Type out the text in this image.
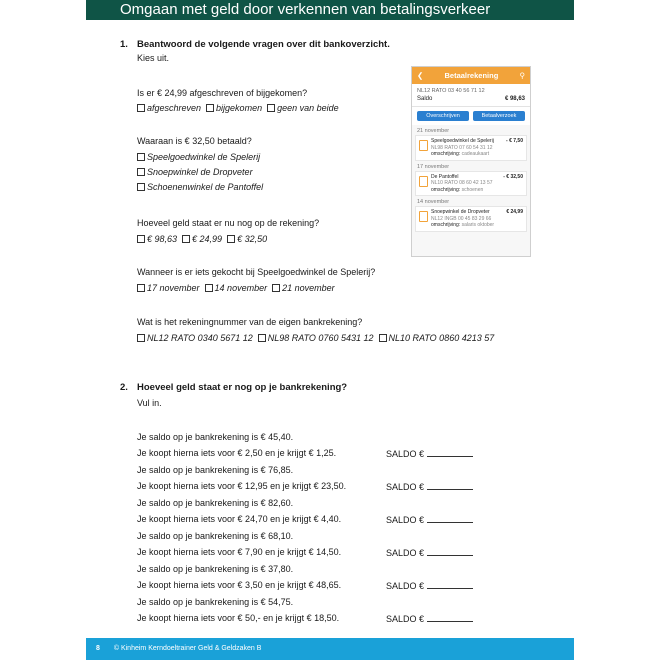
Omgaan met geld door verkennen van betalingsverkeer
1. Beantwoord de volgende vragen over dit bankoverzicht.
Kies uit.
Is er € 24,99 afgeschreven of bijgekomen?
afgeschreven bijgekomen geen van beide
Waaraan is € 32,50 betaald?
Speelgoedwinkel de Spelerij
Snoepwinkel de Dropveter
Schoenenwinkel de Pantoffel
Hoeveel geld staat er nu nog op de rekening?
€ 98,63 € 24,99 € 32,50
Wanneer is er iets gekocht bij Speelgoedwinkel de Spelerij?
17 november 14 november 21 november
Wat is het rekeningnummer van de eigen bankrekening?
NL12 RATO 0340 5671 12 NL98 RATO 0760 5431 12 NL10 RATO 0860 4213 57
❮	Betaalrekening	⚲
NL12 RATO 03 40 56 71 12
Saldo	€ 98,63
Overschrijven	Betaalverzoek
21 november
Speelgoedwinkel de Spelerij - € 7,50
NL98 RATO 07 60 54 31 12
omschrijving: cadeaukaart
17 november
De Pantoffel	- € 32,50
NL10 RATO 08 60 42 13 57
omschrijving: schoenen
14 november
Snoepwinkel de Dropveter	€ 24,99
NL12 INGB 00 45 83 29 66
omschrijving: salaris oktober
2. Hoeveel geld staat er nog op je bankrekening?
Vul in.
Je saldo op je bankrekening is € 45,40.
Je koopt hierna iets voor € 2,50 en je krijgt € 1,25.	SALDO €
Je saldo op je bankrekening is € 76,85.
Je koopt hierna iets voor € 12,95 en je krijgt € 23,50.	SALDO €
Je saldo op je bankrekening is € 82,60.
Je koopt hierna iets voor € 24,70 en je krijgt € 4,40.	SALDO €
Je saldo op je bankrekening is € 68,10.
Je koopt hierna iets voor € 7,90 en je krijgt € 14,50.	SALDO €
Je saldo op je bankrekening is € 37,80.
Je koopt hierna iets voor € 3,50 en je krijgt € 48,65.	SALDO €
Je saldo op je bankrekening is € 54,75.
Je koopt hierna iets voor € 50,- en je krijgt € 18,50.	SALDO €
8 © Kinheim Kerndoeltrainer Geld & Geldzaken B
